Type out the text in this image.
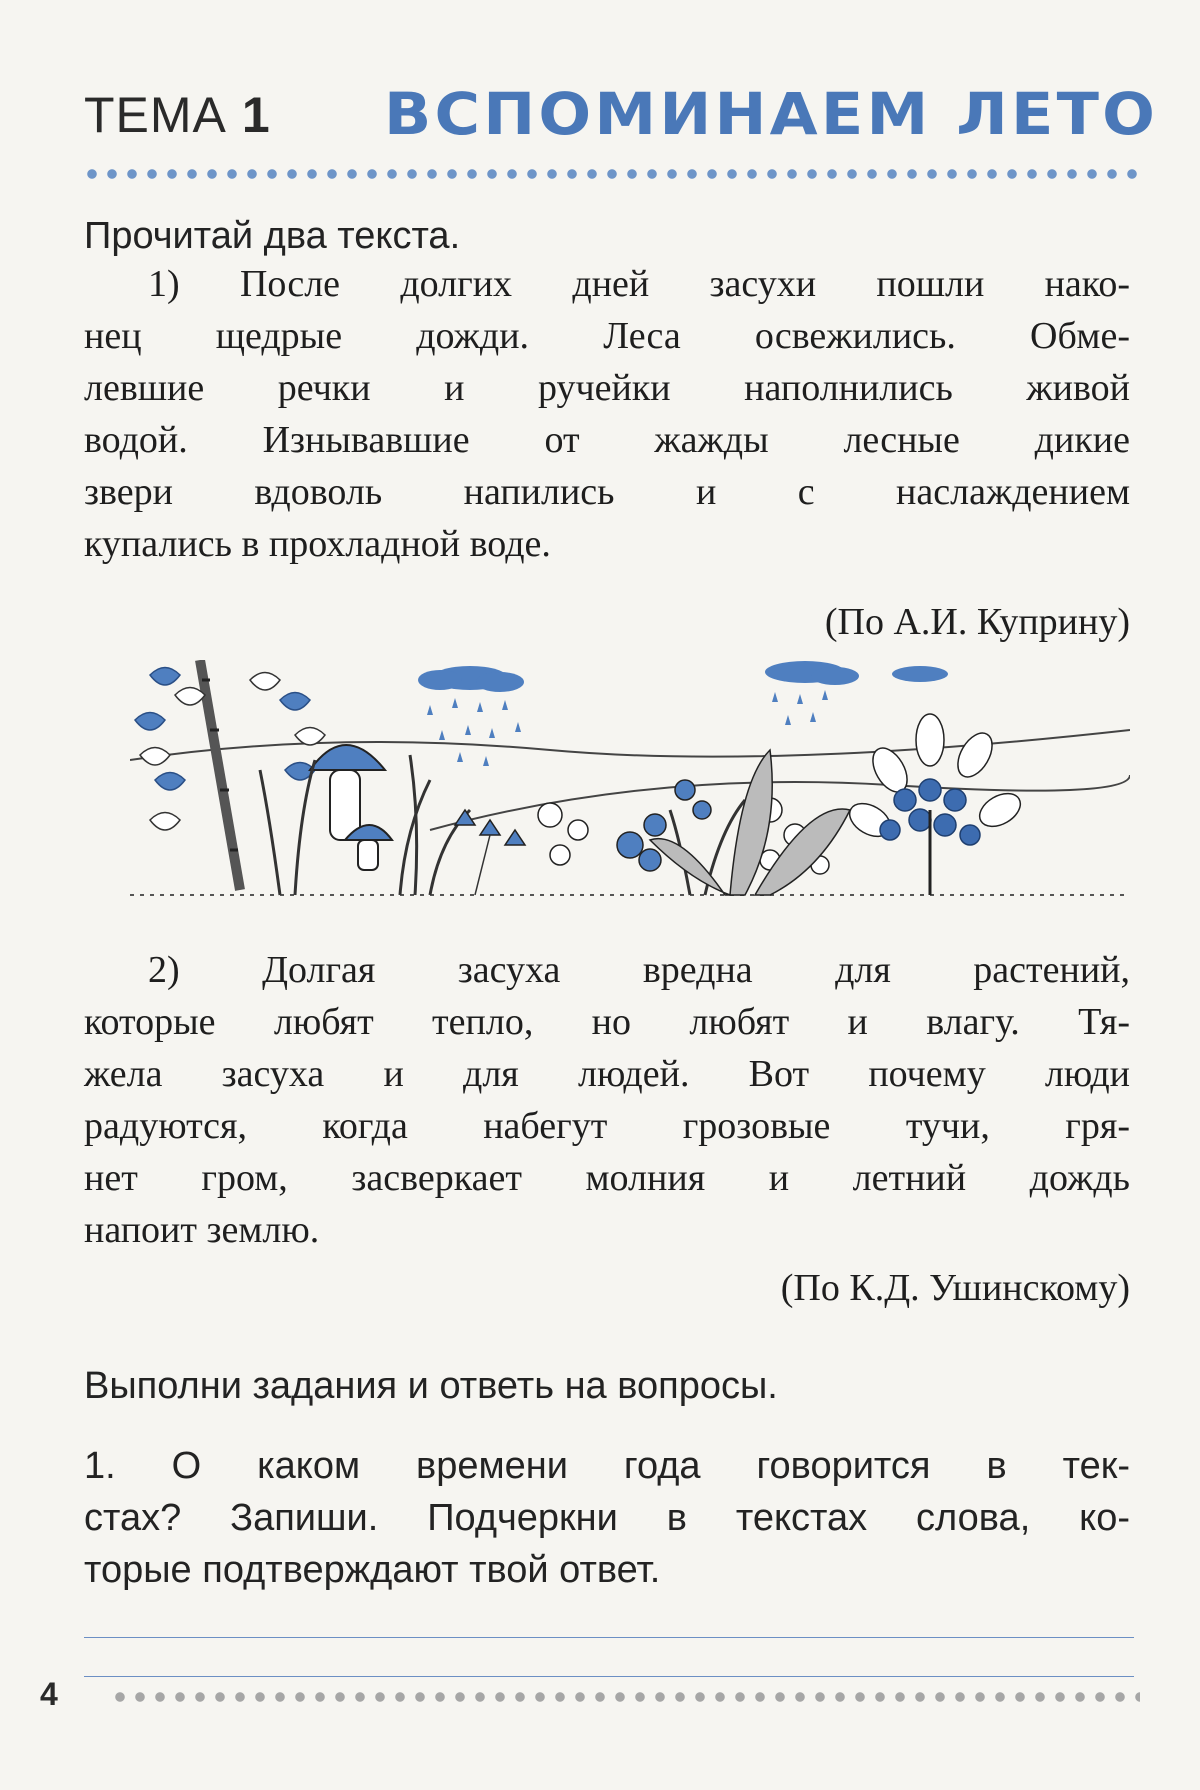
ТЕМА 1 ВСПОМИНАЕМ ЛЕТО
Прочитай два текста.
1) После долгих дней засухи пошли нако-
нец щедрые дожди. Леса освежились. Обме-
левшие речки и ручейки наполнились живой
водой. Изнывавшие от жажды лесные дикие
звери вдоволь напились и с наслаждением
купались в прохладной воде.
(По А.И. Куприну)
2) Долгая засуха вредна для растений,
которые любят тепло, но любят и влагу. Тя-
жела засуха и для людей. Вот почему люди
радуются, когда набегут грозовые тучи, гря-
нет гром, засверкает молния и летний дождь
напоит землю.
(По К.Д. Ушинскому)
Выполни задания и ответь на вопросы.
1. О каком времени года говорится в тек-
стах? Запиши. Подчеркни в текстах слова, ко-
торые подтверждают твой ответ.
4
